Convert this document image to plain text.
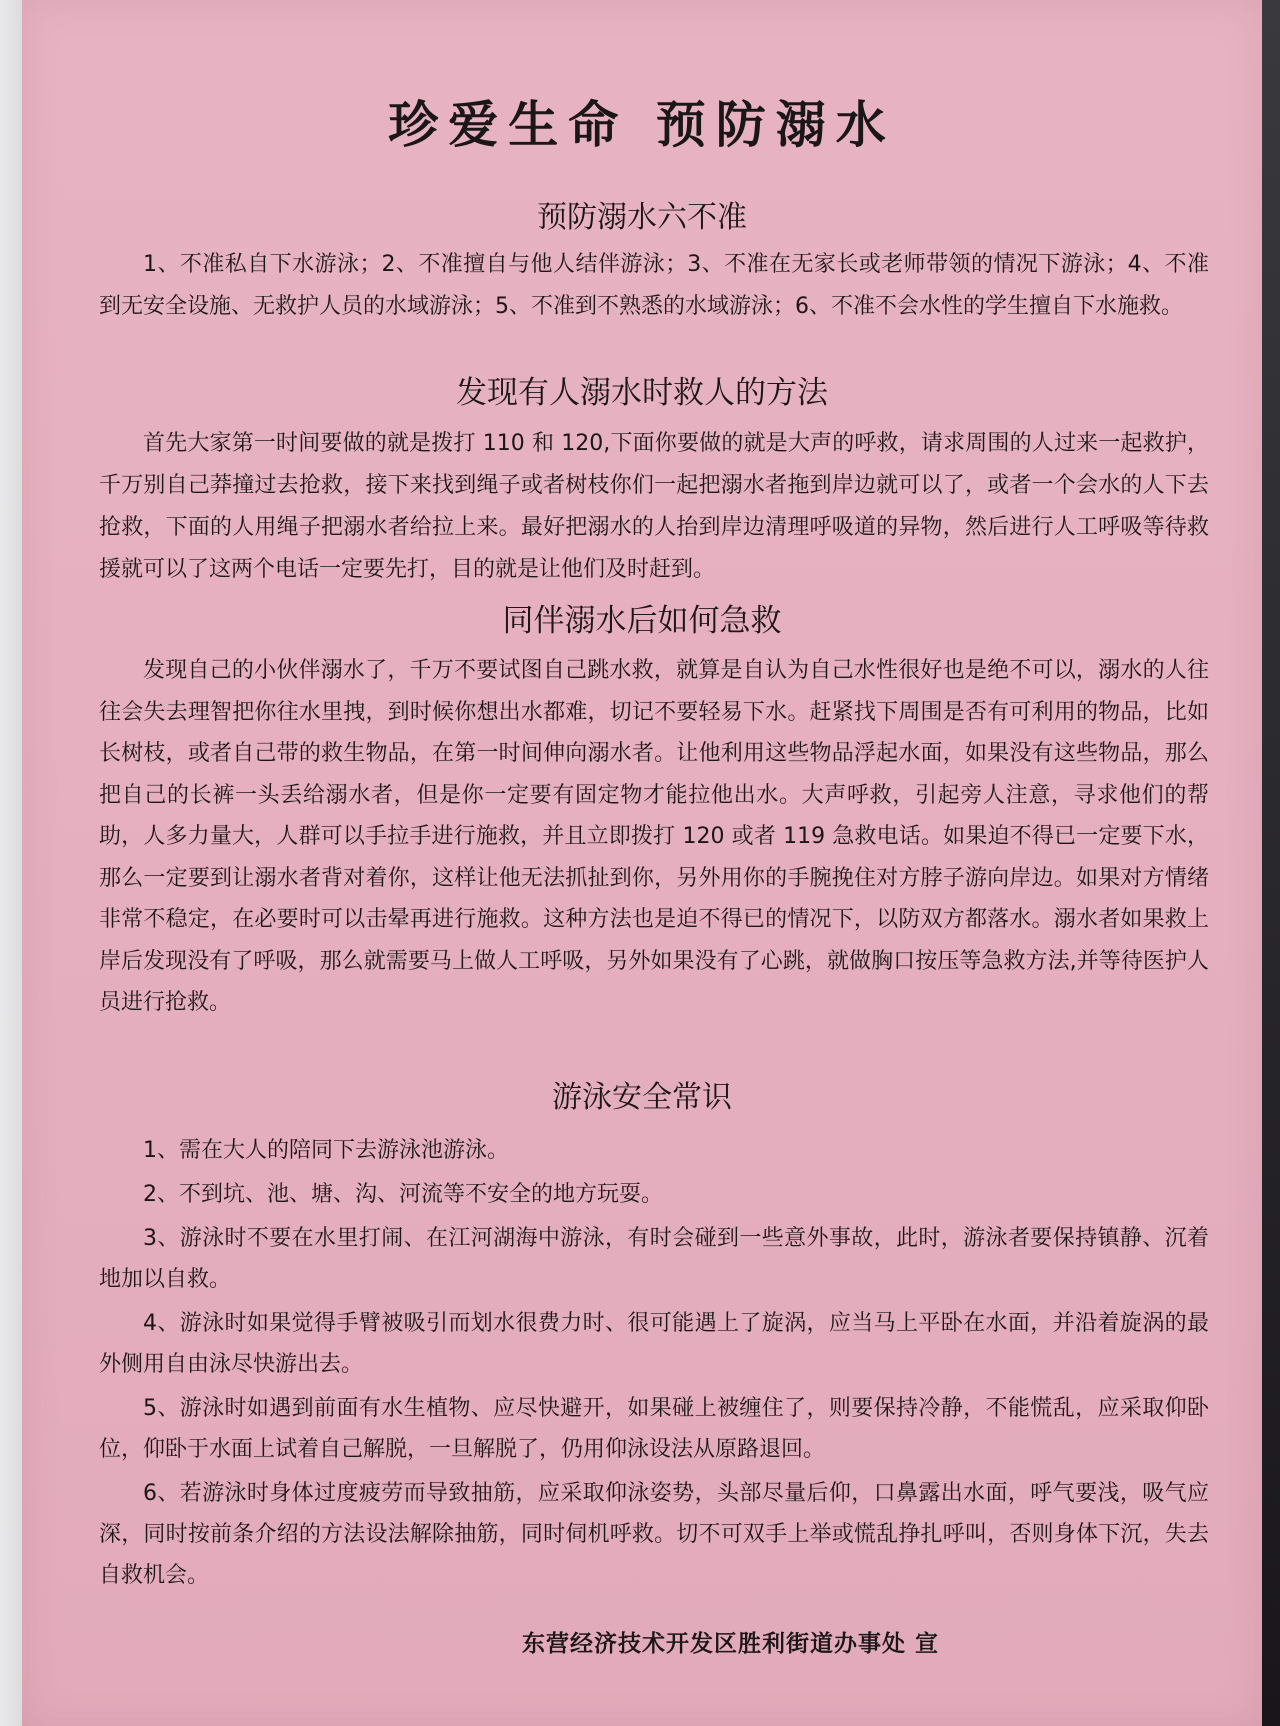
珍爱生命 预防溺水
预防溺水六不准

1、不准私自下水游泳；2、不准擅自与他人结伴游泳；3、不准在无家长或老师带领的情况下游泳；4、不准到无安全设施、无救护人员的水域游泳；5、不准到不熟悉的水域游泳；6、不准不会水性的学生擅自下水施救。

发现有人溺水时救人的方法

首先大家第一时间要做的就是拨打 110 和 120,下面你要做的就是大声的呼救，请求周围的人过来一起救护，千万别自己莽撞过去抢救，接下来找到绳子或者树枝你们一起把溺水者拖到岸边就可以了，或者一个会水的人下去抢救，下面的人用绳子把溺水者给拉上来。最好把溺水的人抬到岸边清理呼吸道的异物，然后进行人工呼吸等待救援就可以了这两个电话一定要先打，目的就是让他们及时赶到。

同伴溺水后如何急救

发现自己的小伙伴溺水了，千万不要试图自己跳水救，就算是自认为自己水性很好也是绝不可以，溺水的人往往会失去理智把你往水里拽，到时候你想出水都难，切记不要轻易下水。赶紧找下周围是否有可利用的物品，比如长树枝，或者自己带的救生物品，在第一时间伸向溺水者。让他利用这些物品浮起水面，如果没有这些物品，那么把自己的长裤一头丢给溺水者，但是你一定要有固定物才能拉他出水。大声呼救，引起旁人注意，寻求他们的帮助，人多力量大，人群可以手拉手进行施救，并且立即拨打 120 或者 119 急救电话。如果迫不得已一定要下水，那么一定要到让溺水者背对着你，这样让他无法抓扯到你，另外用你的手腕挽住对方脖子游向岸边。如果对方情绪非常不稳定，在必要时可以击晕再进行施救。这种方法也是迫不得已的情况下，以防双方都落水。溺水者如果救上岸后发现没有了呼吸，那么就需要马上做人工呼吸，另外如果没有了心跳，就做胸口按压等急救方法,并等待医护人员进行抢救。

游泳安全常识
1、需在大人的陪同下去游泳池游泳。
2、不到坑、池、塘、沟、河流等不安全的地方玩耍。
3、游泳时不要在水里打闹、在江河湖海中游泳，有时会碰到一些意外事故，此时，游泳者要保持镇静、沉着地加以自救。
4、游泳时如果觉得手臂被吸引而划水很费力时、很可能遇上了旋涡，应当马上平卧在水面，并沿着旋涡的最外侧用自由泳尽快游出去。
5、游泳时如遇到前面有水生植物、应尽快避开，如果碰上被缠住了，则要保持冷静，不能慌乱，应采取仰卧位，仰卧于水面上试着自己解脱，一旦解脱了，仍用仰泳设法从原路退回。
6、若游泳时身体过度疲劳而导致抽筋，应采取仰泳姿势，头部尽量后仰，口鼻露出水面，呼气要浅，吸气应深，同时按前条介绍的方法设法解除抽筋，同时伺机呼救。切不可双手上举或慌乱挣扎呼叫，否则身体下沉，失去自救机会。

东营经济技术开发区胜利街道办事处 宣
